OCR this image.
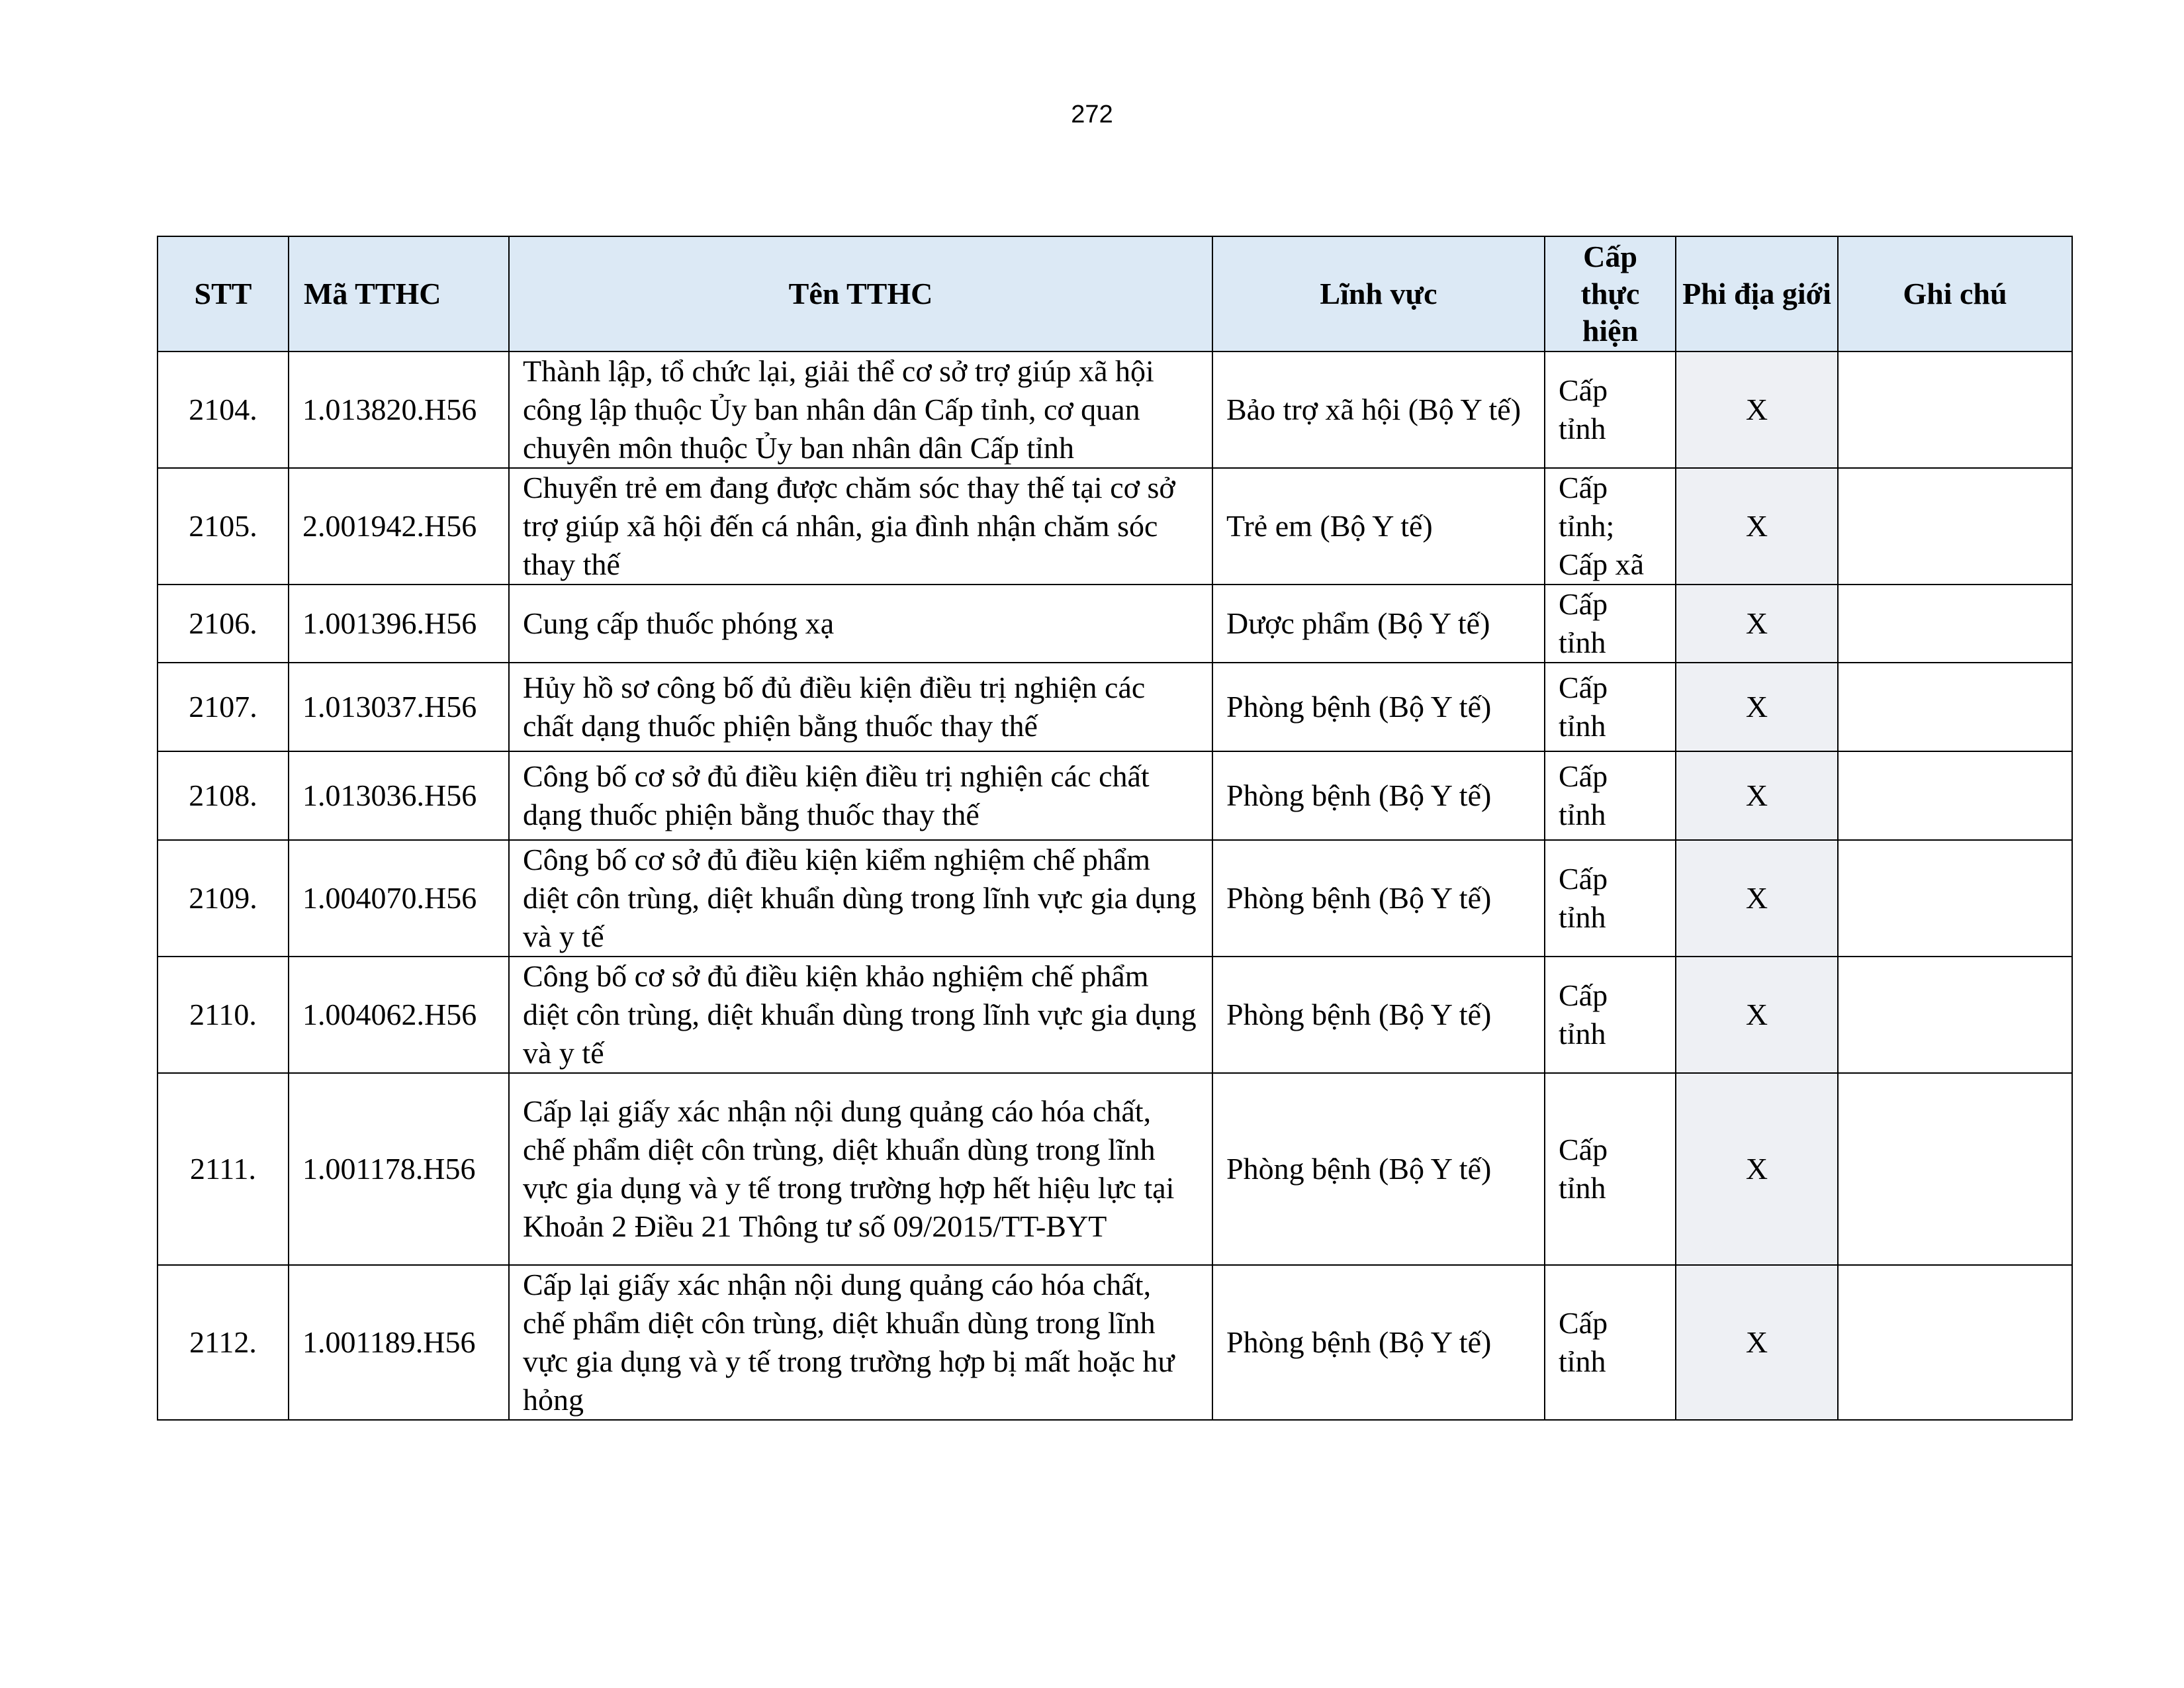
272
STT	Mã TTHC	Tên TTHC	Lĩnh vực	Cấp thực hiện	Phi địa giới	Ghi chú
2104.	1.013820.H56	Thành lập, tổ chức lại, giải thể cơ sở trợ giúp xã hội công lập thuộc Ủy ban nhân dân Cấp tỉnh, cơ quan chuyên môn thuộc Ủy ban nhân dân Cấp tỉnh	Bảo trợ xã hội (Bộ Y tế)	Cấp tỉnh	X	
2105.	2.001942.H56	Chuyển trẻ em đang được chăm sóc thay thế tại cơ sở trợ giúp xã hội đến cá nhân, gia đình nhận chăm sóc thay thế	Trẻ em (Bộ Y tế)	Cấp tỉnh; Cấp xã	X	
2106.	1.001396.H56	Cung cấp thuốc phóng xạ	Dược phẩm (Bộ Y tế)	Cấp tỉnh	X	
2107.	1.013037.H56	Hủy hồ sơ công bố đủ điều kiện điều trị nghiện các chất dạng thuốc phiện bằng thuốc thay thế	Phòng bệnh (Bộ Y tế)	Cấp tỉnh	X	
2108.	1.013036.H56	Công bố cơ sở đủ điều kiện điều trị nghiện các chất dạng thuốc phiện bằng thuốc thay thế	Phòng bệnh (Bộ Y tế)	Cấp tỉnh	X	
2109.	1.004070.H56	Công bố cơ sở đủ điều kiện kiểm nghiệm chế phẩm diệt côn trùng, diệt khuẩn dùng trong lĩnh vực gia dụng và y tế	Phòng bệnh (Bộ Y tế)	Cấp tỉnh	X	
2110.	1.004062.H56	Công bố cơ sở đủ điều kiện khảo nghiệm chế phẩm diệt côn trùng, diệt khuẩn dùng trong lĩnh vực gia dụng và y tế	Phòng bệnh (Bộ Y tế)	Cấp tỉnh	X	
2111.	1.001178.H56	Cấp lại giấy xác nhận nội dung quảng cáo hóa chất, chế phẩm diệt côn trùng, diệt khuẩn dùng trong lĩnh vực gia dụng và y tế trong trường hợp hết hiệu lực tại Khoản 2 Điều 21 Thông tư số 09/2015/TT-BYT	Phòng bệnh (Bộ Y tế)	Cấp tỉnh	X	
2112.	1.001189.H56	Cấp lại giấy xác nhận nội dung quảng cáo hóa chất, chế phẩm diệt côn trùng, diệt khuẩn dùng trong lĩnh vực gia dụng và y tế trong trường hợp bị mất hoặc hư hỏng	Phòng bệnh (Bộ Y tế)	Cấp tỉnh	X	
